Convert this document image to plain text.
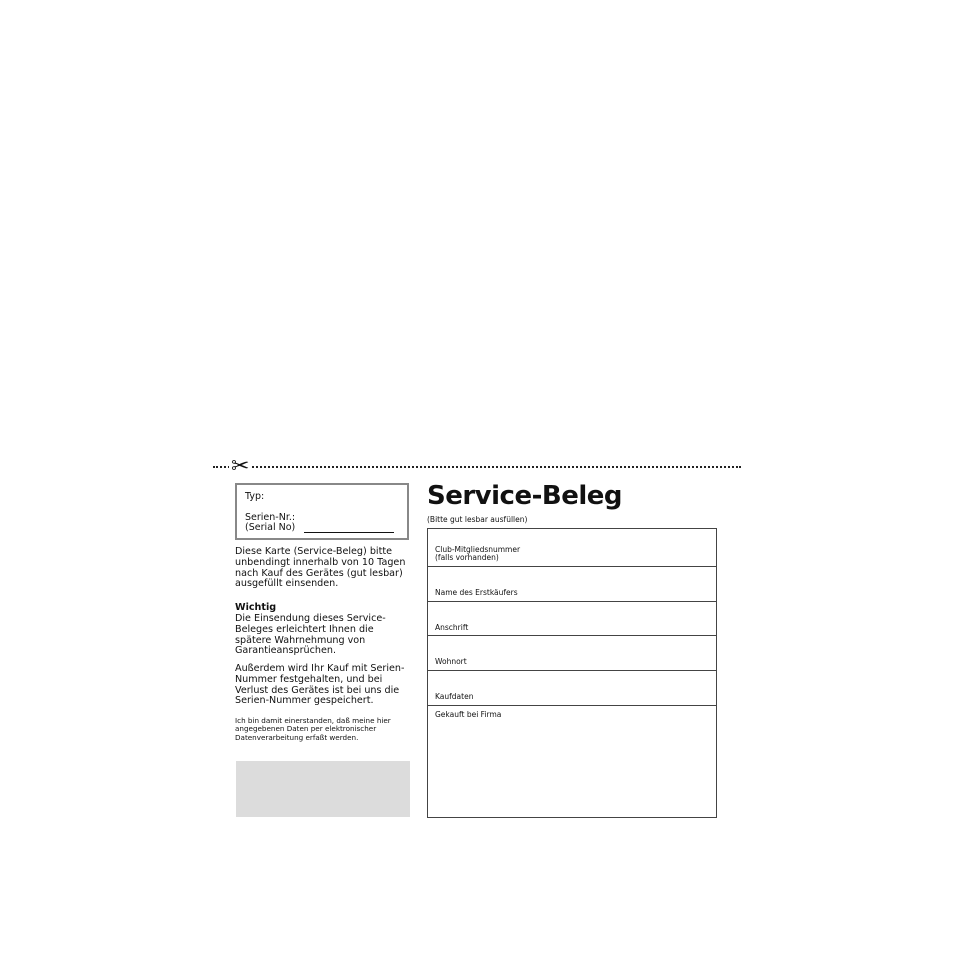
✂
Typ:
Serien-Nr.:
(Serial No)

Diese Karte (Service-Beleg) bitte unbendingt innerhalb von 10 Tagen nach Kauf des Gerätes (gut lesbar) ausgefüllt einsenden.

Wichtig

Die Einsendung dieses Service-Beleges erleichtert Ihnen die spätere Wahrnehmung von Garantieansprüchen.

Außerdem wird Ihr Kauf mit Serien-Nummer festgehalten, und bei Verlust des Gerätes ist bei uns die Serien-Nummer gespeichert.

Ich bin damit einerstanden, daß meine hier angegebenen Daten per elektronischer Datenverarbeitung erfaßt werden.

Service-Beleg
(Bitte gut lesbar ausfüllen)
Club-Mitgliedsnummer
(falls vorhanden)
Name des Erstkäufers
Anschrift
Wohnort
Kaufdaten
Gekauft bei Firma
